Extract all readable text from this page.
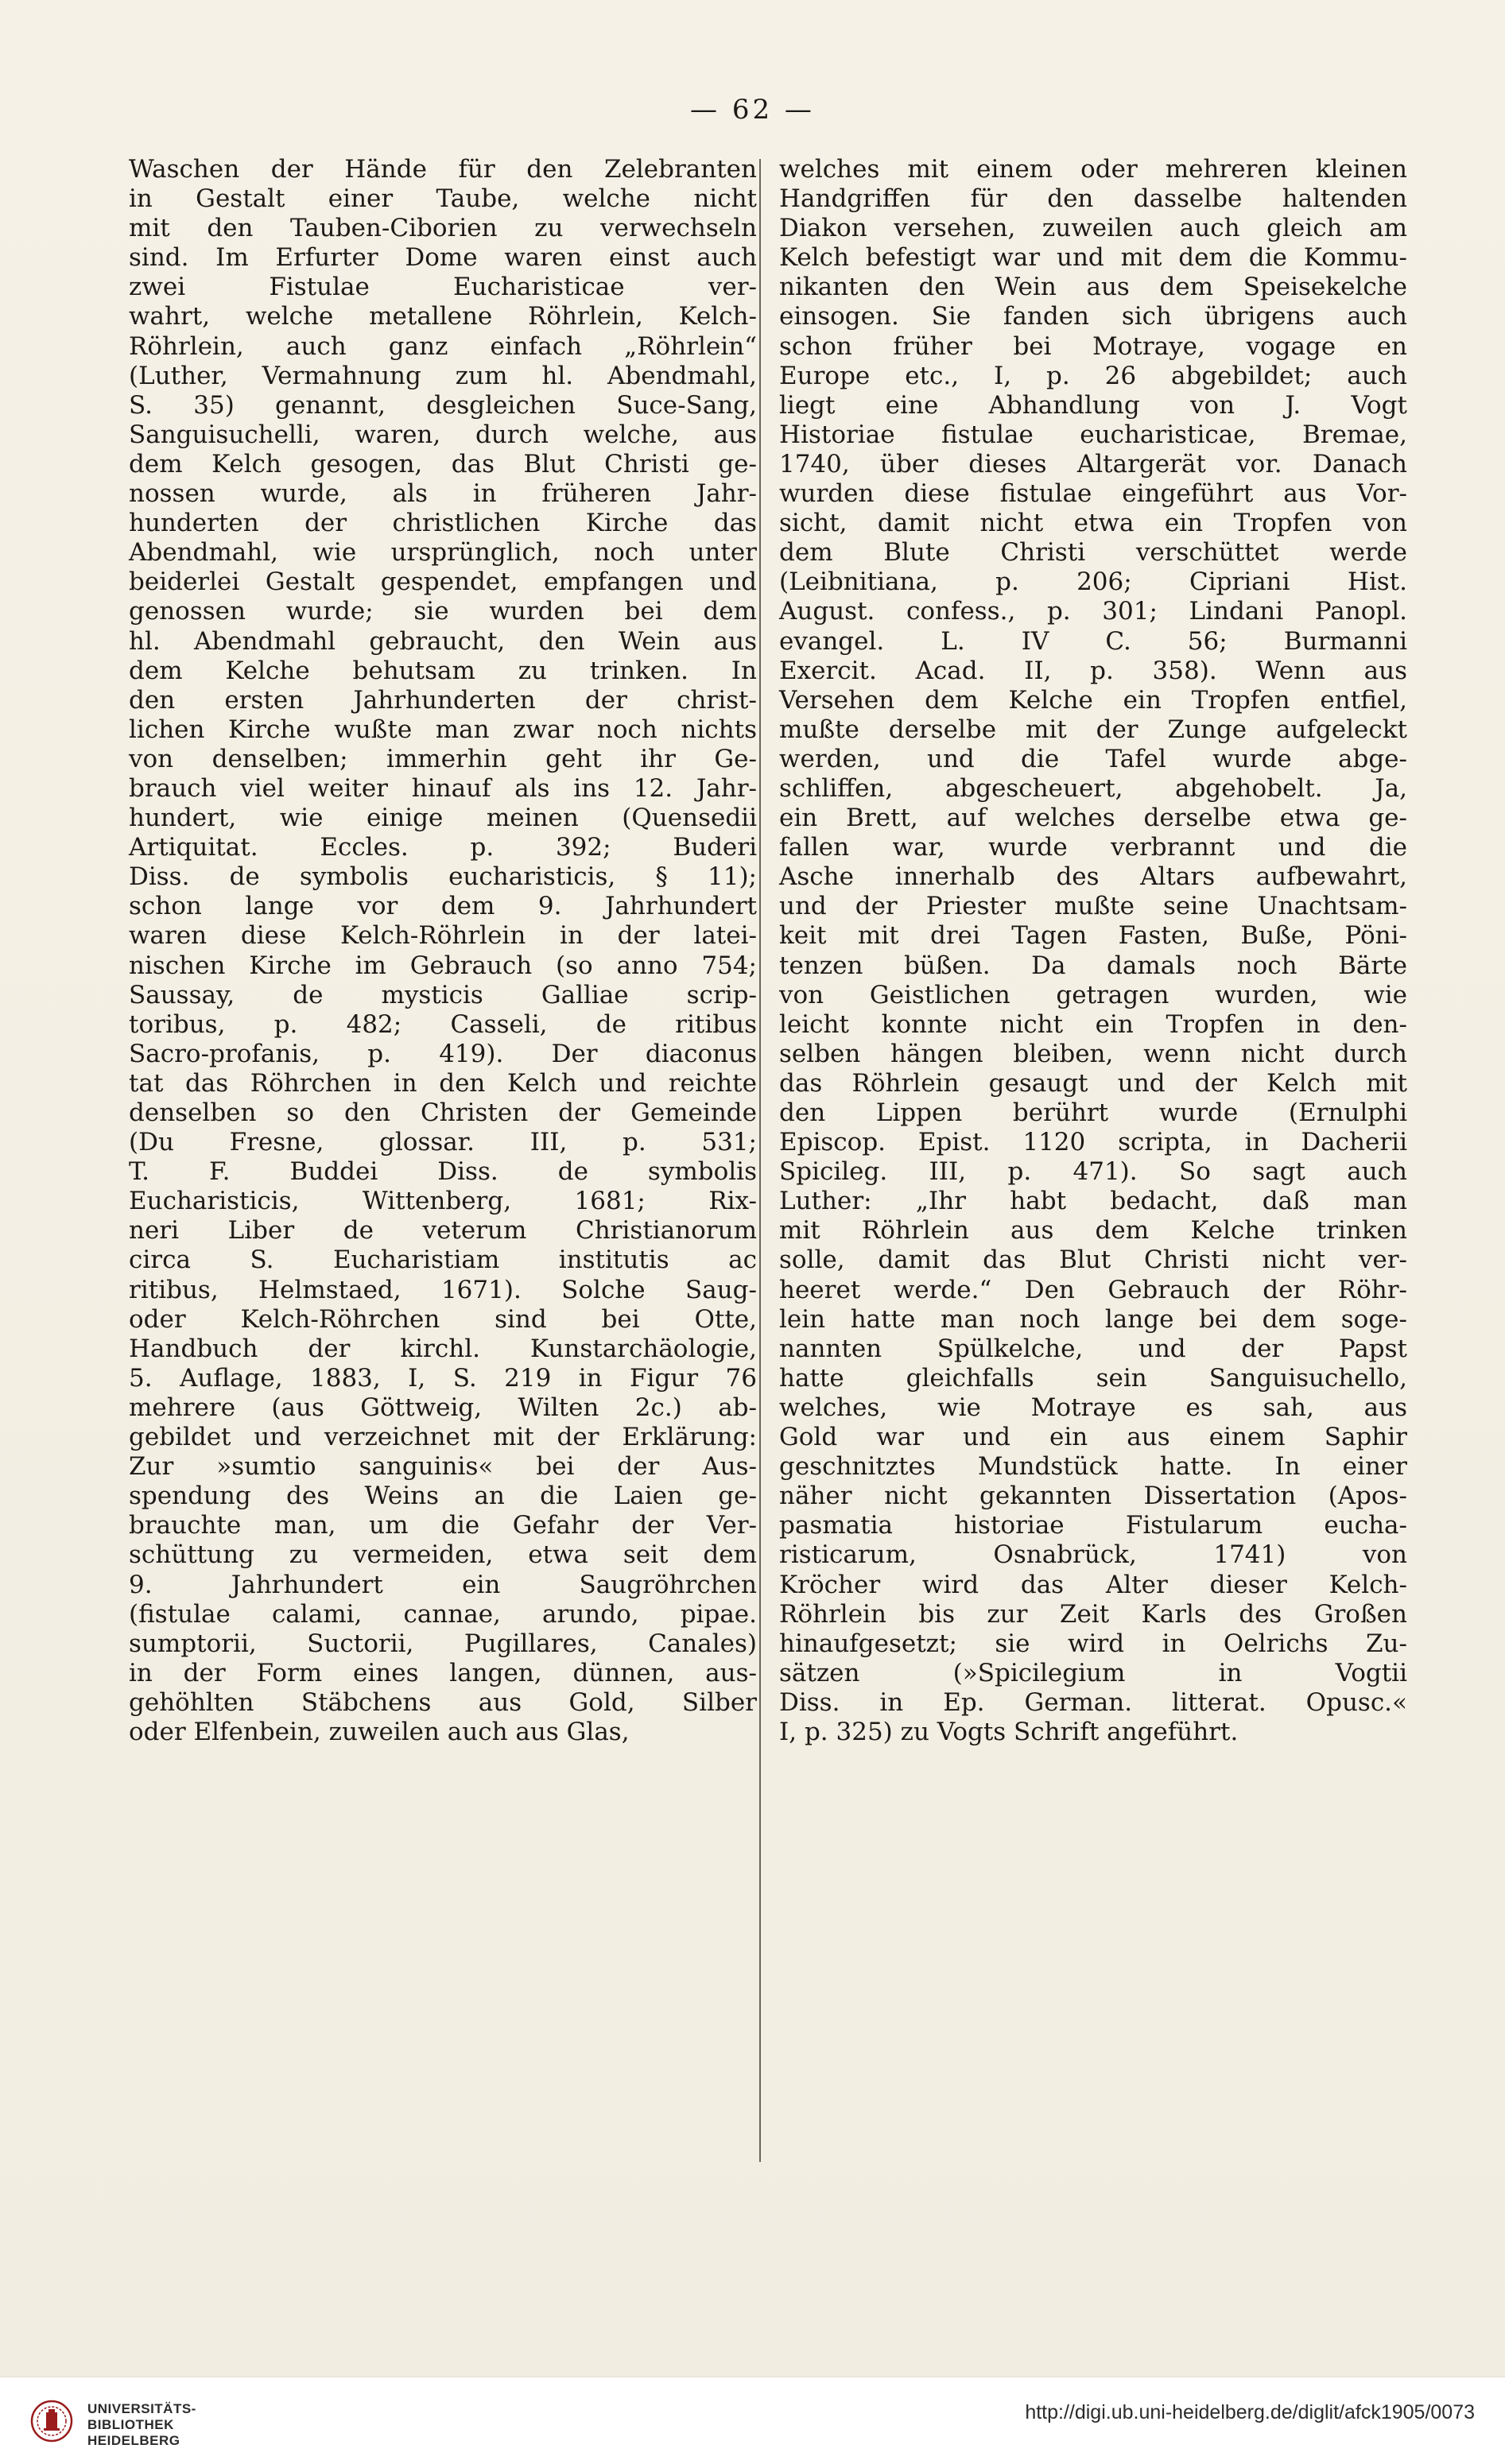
— 62 —
Waschen der Hände für den Zelebranten
in Gestalt einer Taube, welche nicht
mit den Tauben-Ciborien zu verwechseln
sind. Im Erfurter Dome waren einst auch
zwei Fistulae Eucharisticae ver-
wahrt, welche metallene Röhrlein, Kelch-
Röhrlein, auch ganz einfach „Röhrlein“
(Luther, Vermahnung zum hl. Abendmahl,
S. 35) genannt, desgleichen Suce-Sang,
Sanguisuchelli, waren, durch welche, aus
dem Kelch gesogen, das Blut Christi ge-
nossen wurde, als in früheren Jahr-
hunderten der christlichen Kirche das
Abendmahl, wie ursprünglich, noch unter
beiderlei Gestalt gespendet, empfangen und
genossen wurde; sie wurden bei dem
hl. Abendmahl gebraucht, den Wein aus
dem Kelche behutsam zu trinken. In
den ersten Jahrhunderten der christ-
lichen Kirche wußte man zwar noch nichts
von denselben; immerhin geht ihr Ge-
brauch viel weiter hinauf als ins 12. Jahr-
hundert, wie einige meinen (Quensedii
Artiquitat. Eccles. p. 392; Buderi
Diss. de symbolis eucharisticis, § 11);
schon lange vor dem 9. Jahrhundert
waren diese Kelch-Röhrlein in der latei-
nischen Kirche im Gebrauch (so anno 754;
Saussay, de mysticis Galliae scrip-
toribus, p. 482; Casseli, de ritibus
Sacro-profanis, p. 419). Der diaconus
tat das Röhrchen in den Kelch und reichte
denselben so den Christen der Gemeinde
(Du Fresne, glossar. III, p. 531;
T. F. Buddei Diss. de symbolis
Eucharisticis, Wittenberg, 1681; Rix-
neri Liber de veterum Christianorum
circa S. Eucharistiam institutis ac
ritibus, Helmstaed, 1671). Solche Saug-
oder Kelch-Röhrchen sind bei Otte,
Handbuch der kirchl. Kunstarchäologie,
5. Auflage, 1883, I, S. 219 in Figur 76
mehrere (aus Göttweig, Wilten 2c.) ab-
gebildet und verzeichnet mit der Erklärung:
Zur »sumtio sanguinis« bei der Aus-
spendung des Weins an die Laien ge-
brauchte man, um die Gefahr der Ver-
schüttung zu vermeiden, etwa seit dem
9. Jahrhundert ein Saugröhrchen
(fistulae calami, cannae, arundo, pipae.
sumptorii, Suctorii, Pugillares, Canales)
in der Form eines langen, dünnen, aus-
gehöhlten Stäbchens aus Gold, Silber
oder Elfenbein, zuweilen auch aus Glas,
welches mit einem oder mehreren kleinen
Handgriffen für den dasselbe haltenden
Diakon versehen, zuweilen auch gleich am
Kelch befestigt war und mit dem die Kommu-
nikanten den Wein aus dem Speisekelche
einsogen. Sie fanden sich übrigens auch
schon früher bei Motraye, vogage en
Europe etc., I, p. 26 abgebildet; auch
liegt eine Abhandlung von J. Vogt
Historiae fistulae eucharisticae, Bremae,
1740, über dieses Altargerät vor. Danach
wurden diese fistulae eingeführt aus Vor-
sicht, damit nicht etwa ein Tropfen von
dem Blute Christi verschüttet werde
(Leibnitiana, p. 206; Cipriani Hist.
August. confess., p. 301; Lindani Panopl.
evangel. L. IV C. 56; Burmanni
Exercit. Acad. II, p. 358). Wenn aus
Versehen dem Kelche ein Tropfen entfiel,
mußte derselbe mit der Zunge aufgeleckt
werden, und die Tafel wurde abge-
schliffen, abgescheuert, abgehobelt. Ja,
ein Brett, auf welches derselbe etwa ge-
fallen war, wurde verbrannt und die
Asche innerhalb des Altars aufbewahrt,
und der Priester mußte seine Unachtsam-
keit mit drei Tagen Fasten, Buße, Pöni-
tenzen büßen. Da damals noch Bärte
von Geistlichen getragen wurden, wie
leicht konnte nicht ein Tropfen in den-
selben hängen bleiben, wenn nicht durch
das Röhrlein gesaugt und der Kelch mit
den Lippen berührt wurde (Ernulphi
Episcop. Epist. 1120 scripta, in Dacherii
Spicileg. III, p. 471). So sagt auch
Luther: „Ihr habt bedacht, daß man
mit Röhrlein aus dem Kelche trinken
solle, damit das Blut Christi nicht ver-
heeret werde.“ Den Gebrauch der Röhr-
lein hatte man noch lange bei dem soge-
nannten Spülkelche, und der Papst
hatte gleichfalls sein Sanguisuchello,
welches, wie Motraye es sah, aus
Gold war und ein aus einem Saphir
geschnitztes Mundstück hatte. In einer
näher nicht gekannten Dissertation (Apos-
pasmatia historiae Fistularum eucha-
risticarum, Osnabrück, 1741) von
Kröcher wird das Alter dieser Kelch-
Röhrlein bis zur Zeit Karls des Großen
hinaufgesetzt; sie wird in Oelrichs Zu-
sätzen (»Spicilegium in Vogtii
Diss. in Ep. German. litterat. Opusc.«
I, p. 325) zu Vogts Schrift angeführt.
UNIVERSITÄTS-
BIBLIOTHEK
HEIDELBERG
http://digi.ub.uni-heidelberg.de/diglit/afck1905/0073
